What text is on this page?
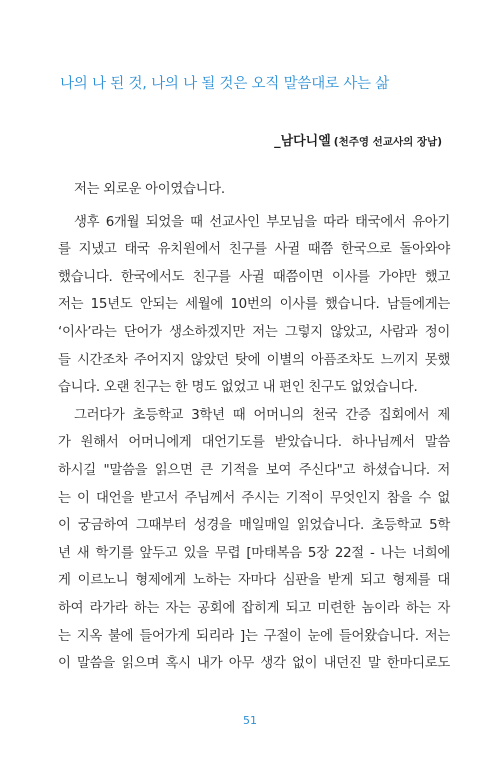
나의 나 된 것, 나의 나 될 것은 오직 말씀대로 사는 삶
_남다니엘 (천주영 선교사의 장남)
저는 외로운 아이였습니다.
생후 6개월 되었을 때 선교사인 부모님을 따라 태국에서 유아기
를 지냈고 태국 유치원에서 친구를 사귈 때쯤 한국으로 돌아와야
했습니다. 한국에서도 친구를 사귈 때쯤이면 이사를 가야만 했고
저는 15년도 안되는 세월에 10번의 이사를 했습니다. 남들에게는
‘이사’라는 단어가 생소하겠지만 저는 그렇지 않았고, 사람과 정이
들 시간조차 주어지지 않았던 탓에 이별의 아픔조차도 느끼지 못했
습니다. 오랜 친구는 한 명도 없었고 내 편인 친구도 없었습니다.
그러다가 초등학교 3학년 때 어머니의 천국 간증 집회에서 제
가 원해서 어머니에게 대언기도를 받았습니다. 하나님께서 말씀
하시길 "말씀을 읽으면 큰 기적을 보여 주신다"고 하셨습니다. 저
는 이 대언을 받고서 주님께서 주시는 기적이 무엇인지 참을 수 없
이 궁금하여 그때부터 성경을 매일매일 읽었습니다. 초등학교 5학
년 새 학기를 앞두고 있을 무렵 [마태복음 5장 22절 - 나는 너희에
게 이르노니 형제에게 노하는 자마다 심판을 받게 되고 형제를 대
하여 라가라 하는 자는 공회에 잡히게 되고 미련한 놈이라 하는 자
는 지옥 불에 들어가게 되리라 ]는 구절이 눈에 들어왔습니다. 저는
이 말씀을 읽으며 혹시 내가 아무 생각 없이 내던진 말 한마디로도
51
